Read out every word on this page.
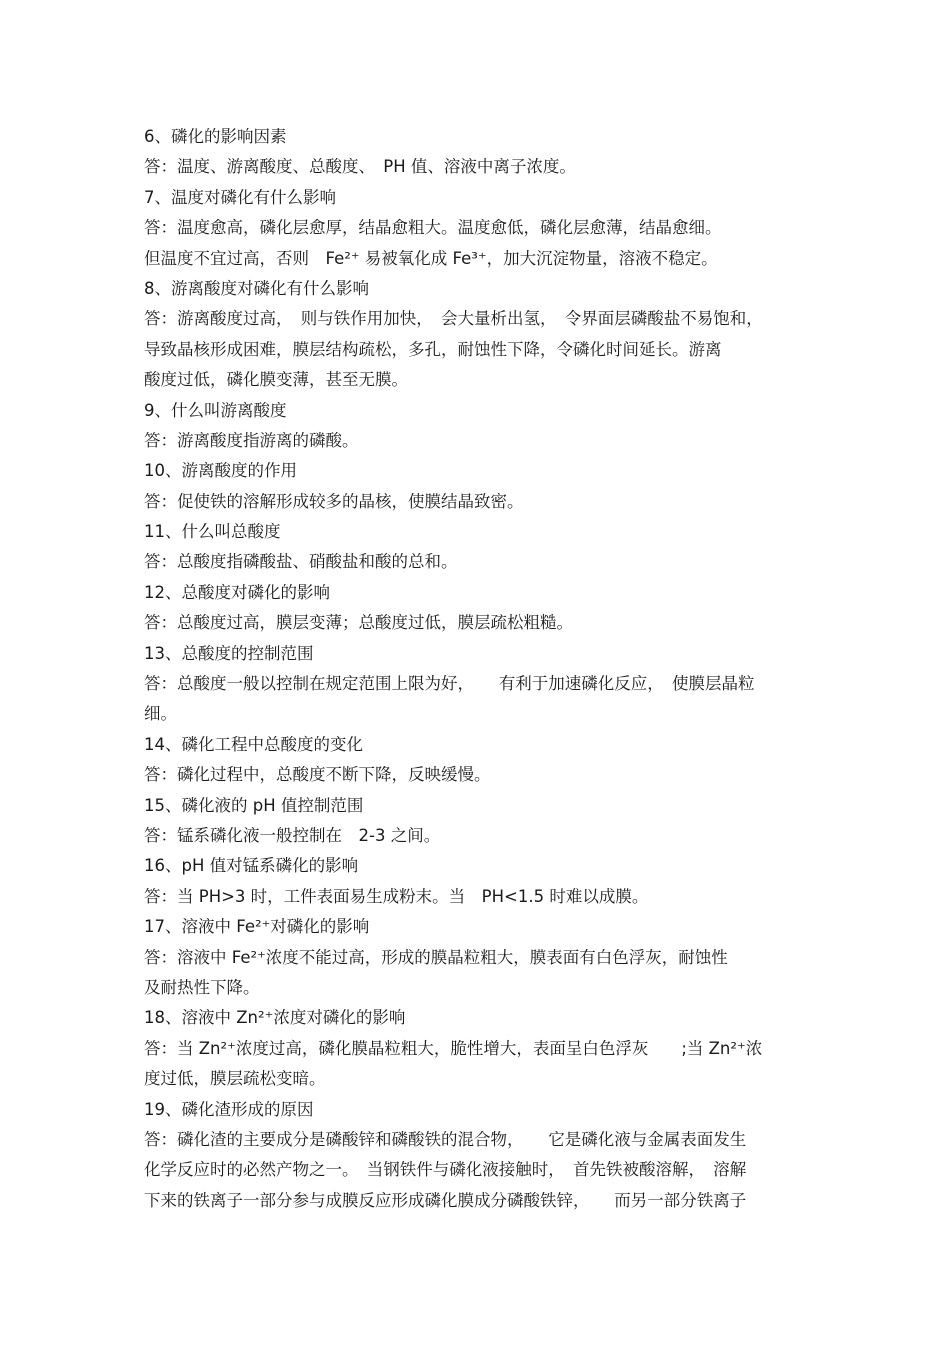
6、磷化的影响因素
答：温度、游离酸度、总酸度、　PH 值、溶液中离子浓度。
7、温度对磷化有什么影响
答：温度愈高，磷化层愈厚，结晶愈粗大。温度愈低，磷化层愈薄，结晶愈细。
但温度不宜过高，否则　Fe²⁺ 易被氧化成 Fe³⁺，加大沉淀物量，溶液不稳定。
8、游离酸度对磷化有什么影响
答：游离酸度过高，　则与铁作用加快，　会大量析出氢，　令界面层磷酸盐不易饱和，
导致晶核形成困难，膜层结构疏松，多孔，耐蚀性下降，令磷化时间延长。游离
酸度过低，磷化膜变薄，甚至无膜。
9、什么叫游离酸度
答：游离酸度指游离的磷酸。
10、游离酸度的作用
答：促使铁的溶解形成较多的晶核，使膜结晶致密。
11、什么叫总酸度
答：总酸度指磷酸盐、硝酸盐和酸的总和。
12、总酸度对磷化的影响
答：总酸度过高，膜层变薄；总酸度过低，膜层疏松粗糙。
13、总酸度的控制范围
答：总酸度一般以控制在规定范围上限为好，　　有利于加速磷化反应，　使膜层晶粒
细。
14、磷化工程中总酸度的变化
答：磷化过程中，总酸度不断下降，反映缓慢。
15、磷化液的 pH 值控制范围
答：锰系磷化液一般控制在　2-3 之间。
16、pH 值对锰系磷化的影响
答：当 PH>3 时，工件表面易生成粉末。当　PH<1.5 时难以成膜。
17、溶液中 Fe²⁺对磷化的影响
答：溶液中 Fe²⁺浓度不能过高，形成的膜晶粒粗大，膜表面有白色浮灰，耐蚀性
及耐热性下降。
18、溶液中 Zn²⁺浓度对磷化的影响
答：当 Zn²⁺浓度过高，磷化膜晶粒粗大，脆性增大，表面呈白色浮灰　　;当 Zn²⁺浓
度过低，膜层疏松变暗。
19、磷化渣形成的原因
答：磷化渣的主要成分是磷酸锌和磷酸铁的混合物，　　它是磷化液与金属表面发生
化学反应时的必然产物之一。　当钢铁件与磷化液接触时，　首先铁被酸溶解，　溶解
下来的铁离子一部分参与成膜反应形成磷化膜成分磷酸铁锌，　　而另一部分铁离子
